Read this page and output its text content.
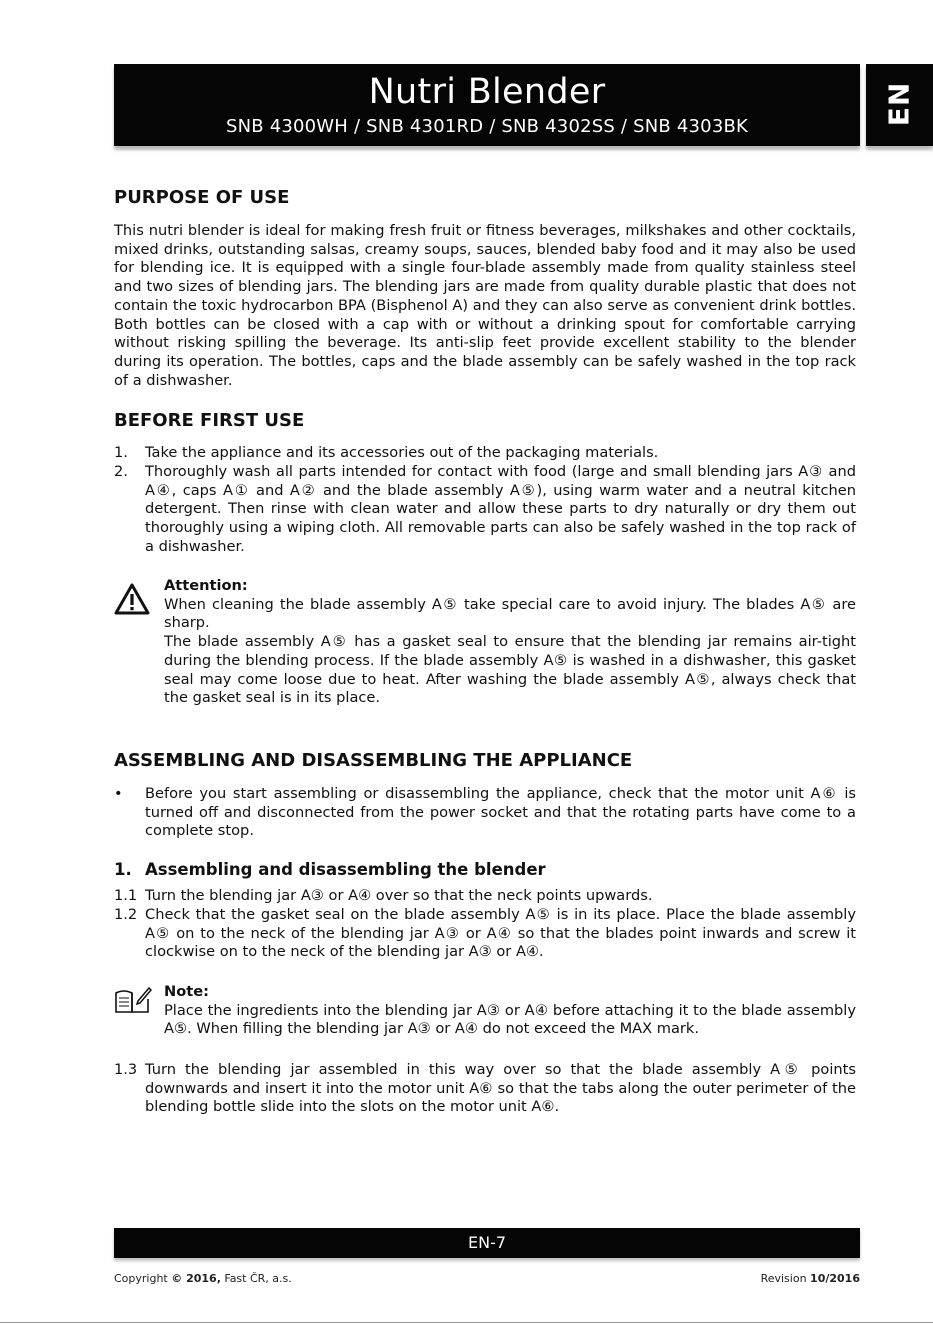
Nutri Blender
SNB 4300WH / SNB 4301RD / SNB 4302SS / SNB 4303BK
EN
PURPOSE OF USE

This nutri blender is ideal for making fresh fruit or fitness beverages, milkshakes and other cocktails, mixed drinks, outstanding salsas, creamy soups, sauces, blended baby food and it may also be used for blending ice. It is equipped with a single four-blade assembly made from quality stainless steel and two sizes of blending jars. The blending jars are made from quality durable plastic that does not contain the toxic hydrocarbon BPA (Bisphenol A) and they can also serve as convenient drink bottles. Both bottles can be closed with a cap with or without a drinking spout for comfortable carrying without risking spilling the beverage. Its anti-slip feet provide excellent stability to the blender during its operation. The bottles, caps and the blade assembly can be safely washed in the top rack of a dishwasher.

BEFORE FIRST USE
1.	Take the appliance and its accessories out of the packaging materials.
2.	Thoroughly wash all parts intended for contact with food (large and small blending jars A③ and A④, caps A① and A② and the blade assembly A⑤), using warm water and a neutral kitchen detergent. Then rinse with clean water and allow these parts to dry naturally or dry them out thoroughly using a wiping cloth. All removable parts can also be safely washed in the top rack of a dishwasher.
Attention:
When cleaning the blade assembly A⑤ take special care to avoid injury. The blades A⑤ are sharp.
The blade assembly A⑤ has a gasket seal to ensure that the blending jar remains air-tight during the blending process. If the blade assembly A⑤ is washed in a dishwasher, this gasket seal may come loose due to heat. After washing the blade assembly A⑤, always check that the gasket seal is in its place.
ASSEMBLING AND DISASSEMBLING THE APPLIANCE
•	Before you start assembling or disassembling the appliance, check that the motor unit A⑥ is turned off and disconnected from the power socket and that the rotating parts have come to a complete stop.
1. Assembling and disassembling the blender
1.1 Turn the blending jar A③ or A④ over so that the neck points upwards.
1.2 Check that the gasket seal on the blade assembly A⑤ is in its place. Place the blade assembly A⑤ on to the neck of the blending jar A③ or A④ so that the blades point inwards and screw it clockwise on to the neck of the blending jar A③ or A④.
Note:
Place the ingredients into the blending jar A③ or A④ before attaching it to the blade assembly A⑤. When filling the blending jar A③ or A④ do not exceed the MAX mark.
1.3 Turn the blending jar assembled in this way over so that the blade assembly A⑤ points downwards and insert it into the motor unit A⑥ so that the tabs along the outer perimeter of the blending bottle slide into the slots on the motor unit A⑥.
EN-7
Copyright © 2016, Fast ČR, a.s.	Revision 10/2016
